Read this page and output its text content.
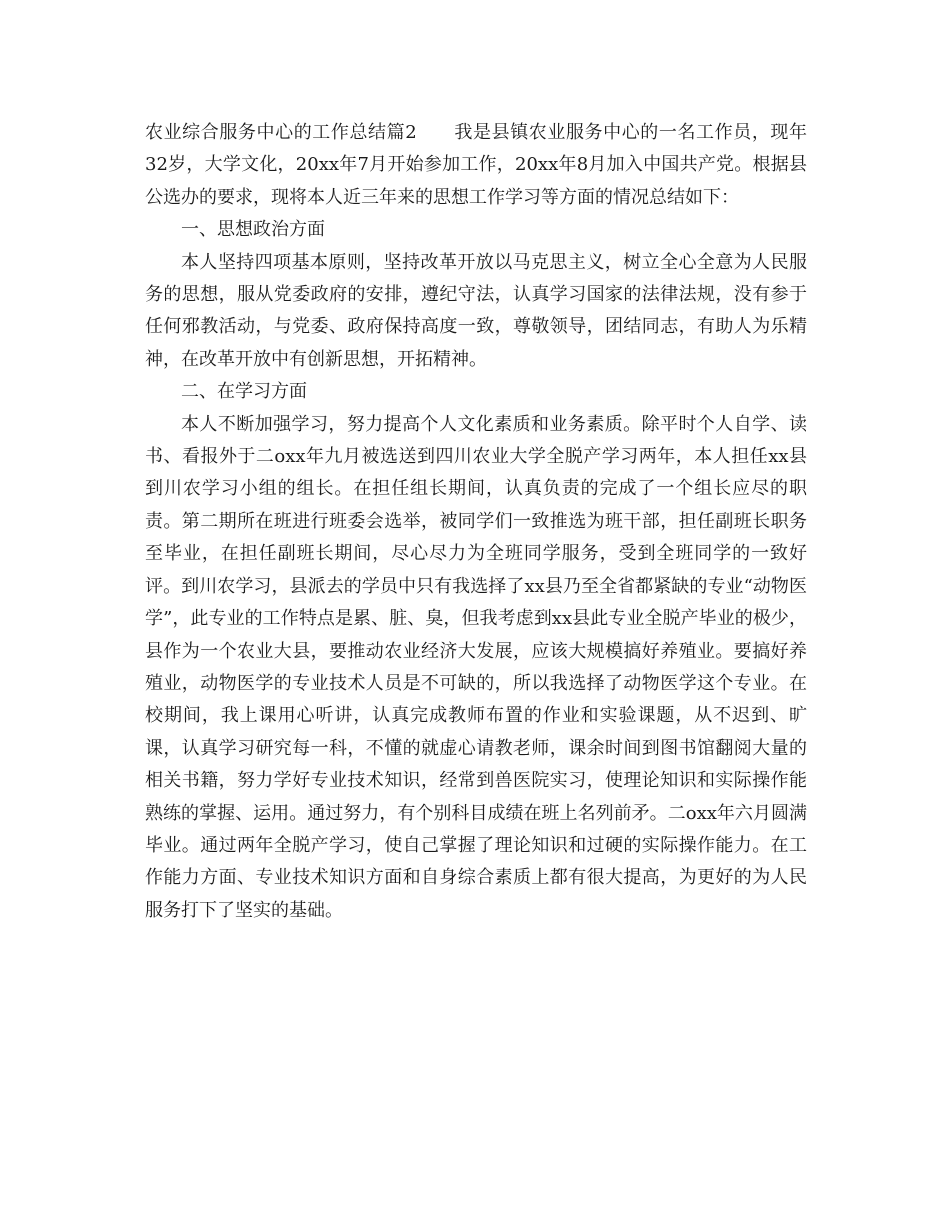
农业综合服务中心的工作总结篇2　　我是县镇农业服务中心的一名工作员，现年32岁，大学文化，20xx年7月开始参加工作，20xx年8月加入中国共产党。根据县公选办的要求，现将本人近三年来的思想工作学习等方面的情况总结如下：

一、思想政治方面

本人坚持四项基本原则，坚持改革开放以马克思主义，树立全心全意为人民服务的思想，服从党委政府的安排，遵纪守法，认真学习国家的法律法规，没有参于任何邪教活动，与党委、政府保持高度一致，尊敬领导，团结同志，有助人为乐精神，在改革开放中有创新思想，开拓精神。

二、在学习方面

本人不断加强学习，努力提高个人文化素质和业务素质。除平时个人自学、读书、看报外于二oxx年九月被选送到四川农业大学全脱产学习两年，本人担任xx县到川农学习小组的组长。在担任组长期间，认真负责的完成了一个组长应尽的职责。第二期所在班进行班委会选举，被同学们一致推选为班干部，担任副班长职务至毕业，在担任副班长期间，尽心尽力为全班同学服务，受到全班同学的一致好评。到川农学习，县派去的学员中只有我选择了xx县乃至全省都紧缺的专业“动物医学”，此专业的工作特点是累、脏、臭，但我考虑到xx县此专业全脱产毕业的极少，县作为一个农业大县，要推动农业经济大发展，应该大规模搞好养殖业。要搞好养殖业，动物医学的专业技术人员是不可缺的，所以我选择了动物医学这个专业。在校期间，我上课用心听讲，认真完成教师布置的作业和实验课题，从不迟到、旷课，认真学习研究每一科，不懂的就虚心请教老师，课余时间到图书馆翻阅大量的相关书籍，努力学好专业技术知识，经常到兽医院实习，使理论知识和实际操作能熟练的掌握、运用。通过努力，有个别科目成绩在班上名列前矛。二oxx年六月圆满毕业。通过两年全脱产学习，使自己掌握了理论知识和过硬的实际操作能力。在工作能力方面、专业技术知识方面和自身综合素质上都有很大提高，为更好的为人民服务打下了坚实的基础。
